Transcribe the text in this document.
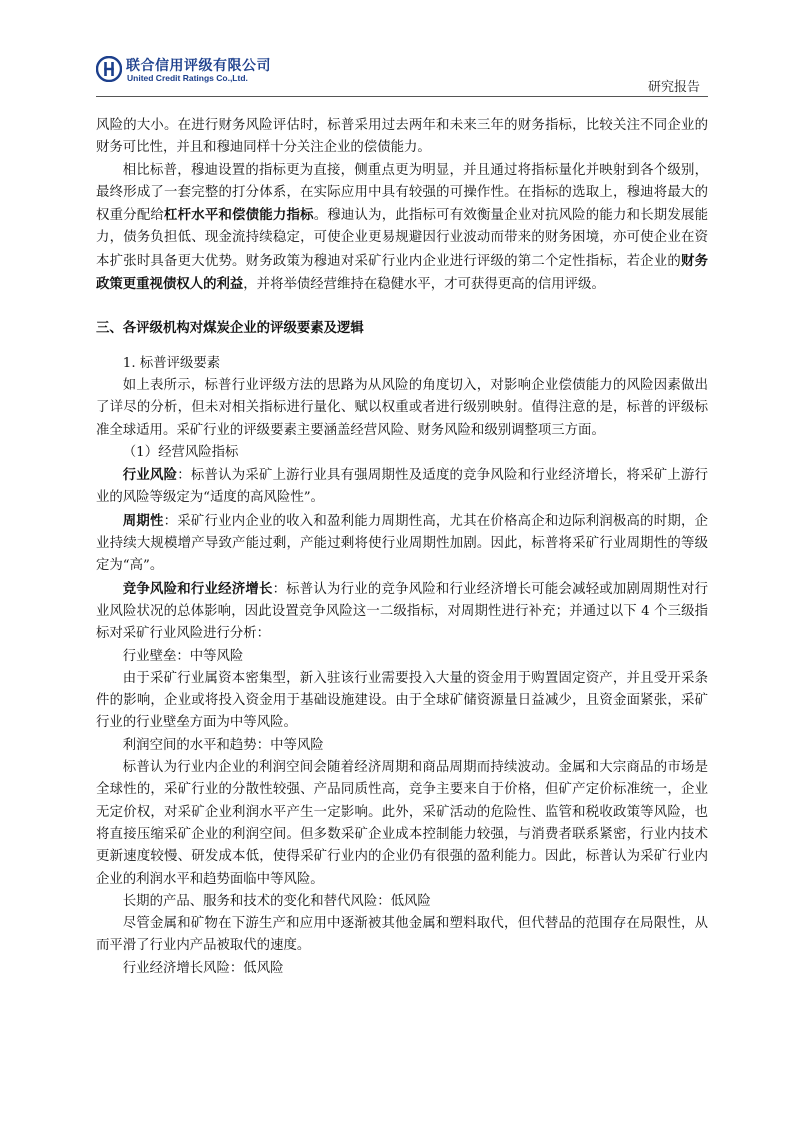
联合信用评级有限公司
United Credit Ratings Co.,Ltd.
研究报告

风险的大小。在进行财务风险评估时，标普采用过去两年和未来三年的财务指标，比较关注不同企业的财务可比性，并且和穆迪同样十分关注企业的偿债能力。

相比标普，穆迪设置的指标更为直接，侧重点更为明显，并且通过将指标量化并映射到各个级别，最终形成了一套完整的打分体系，在实际应用中具有较强的可操作性。在指标的选取上，穆迪将最大的权重分配给杠杆水平和偿债能力指标。穆迪认为，此指标可有效衡量企业对抗风险的能力和长期发展能力，债务负担低、现金流持续稳定，可使企业更易规避因行业波动而带来的财务困境，亦可使企业在资本扩张时具备更大优势。财务政策为穆迪对采矿行业内企业进行评级的第二个定性指标，若企业的财务政策更重视债权人的利益，并将举债经营维持在稳健水平，才可获得更高的信用评级。

三、各评级机构对煤炭企业的评级要素及逻辑

1. 标普评级要素

如上表所示，标普行业评级方法的思路为从风险的角度切入，对影响企业偿债能力的风险因素做出了详尽的分析，但未对相关指标进行量化、赋以权重或者进行级别映射。值得注意的是，标普的评级标准全球适用。采矿行业的评级要素主要涵盖经营风险、财务风险和级别调整项三方面。

（1）经营风险指标

行业风险：标普认为采矿上游行业具有强周期性及适度的竞争风险和行业经济增长，将采矿上游行业的风险等级定为“适度的高风险性”。

周期性：采矿行业内企业的收入和盈利能力周期性高，尤其在价格高企和边际利润极高的时期，企业持续大规模增产导致产能过剩，产能过剩将使行业周期性加剧。因此，标普将采矿行业周期性的等级定为“高”。

竞争风险和行业经济增长：标普认为行业的竞争风险和行业经济增长可能会减轻或加剧周期性对行业风险状况的总体影响，因此设置竞争风险这一二级指标，对周期性进行补充；并通过以下 4 个三级指标对采矿行业风险进行分析：

行业壁垒：中等风险

由于采矿行业属资本密集型，新入驻该行业需要投入大量的资金用于购置固定资产，并且受开采条件的影响，企业或将投入资金用于基础设施建设。由于全球矿储资源量日益减少，且资金面紧张，采矿行业的行业壁垒方面为中等风险。

利润空间的水平和趋势：中等风险

标普认为行业内企业的利润空间会随着经济周期和商品周期而持续波动。金属和大宗商品的市场是全球性的，采矿行业的分散性较强、产品同质性高，竞争主要来自于价格，但矿产定价标准统一，企业无定价权，对采矿企业利润水平产生一定影响。此外，采矿活动的危险性、监管和税收政策等风险，也将直接压缩采矿企业的利润空间。但多数采矿企业成本控制能力较强，与消费者联系紧密，行业内技术更新速度较慢、研发成本低，使得采矿行业内的企业仍有很强的盈利能力。因此，标普认为采矿行业内企业的利润水平和趋势面临中等风险。

长期的产品、服务和技术的变化和替代风险：低风险

尽管金属和矿物在下游生产和应用中逐渐被其他金属和塑料取代，但代替品的范围存在局限性，从而平滑了行业内产品被取代的速度。

行业经济增长风险：低风险
